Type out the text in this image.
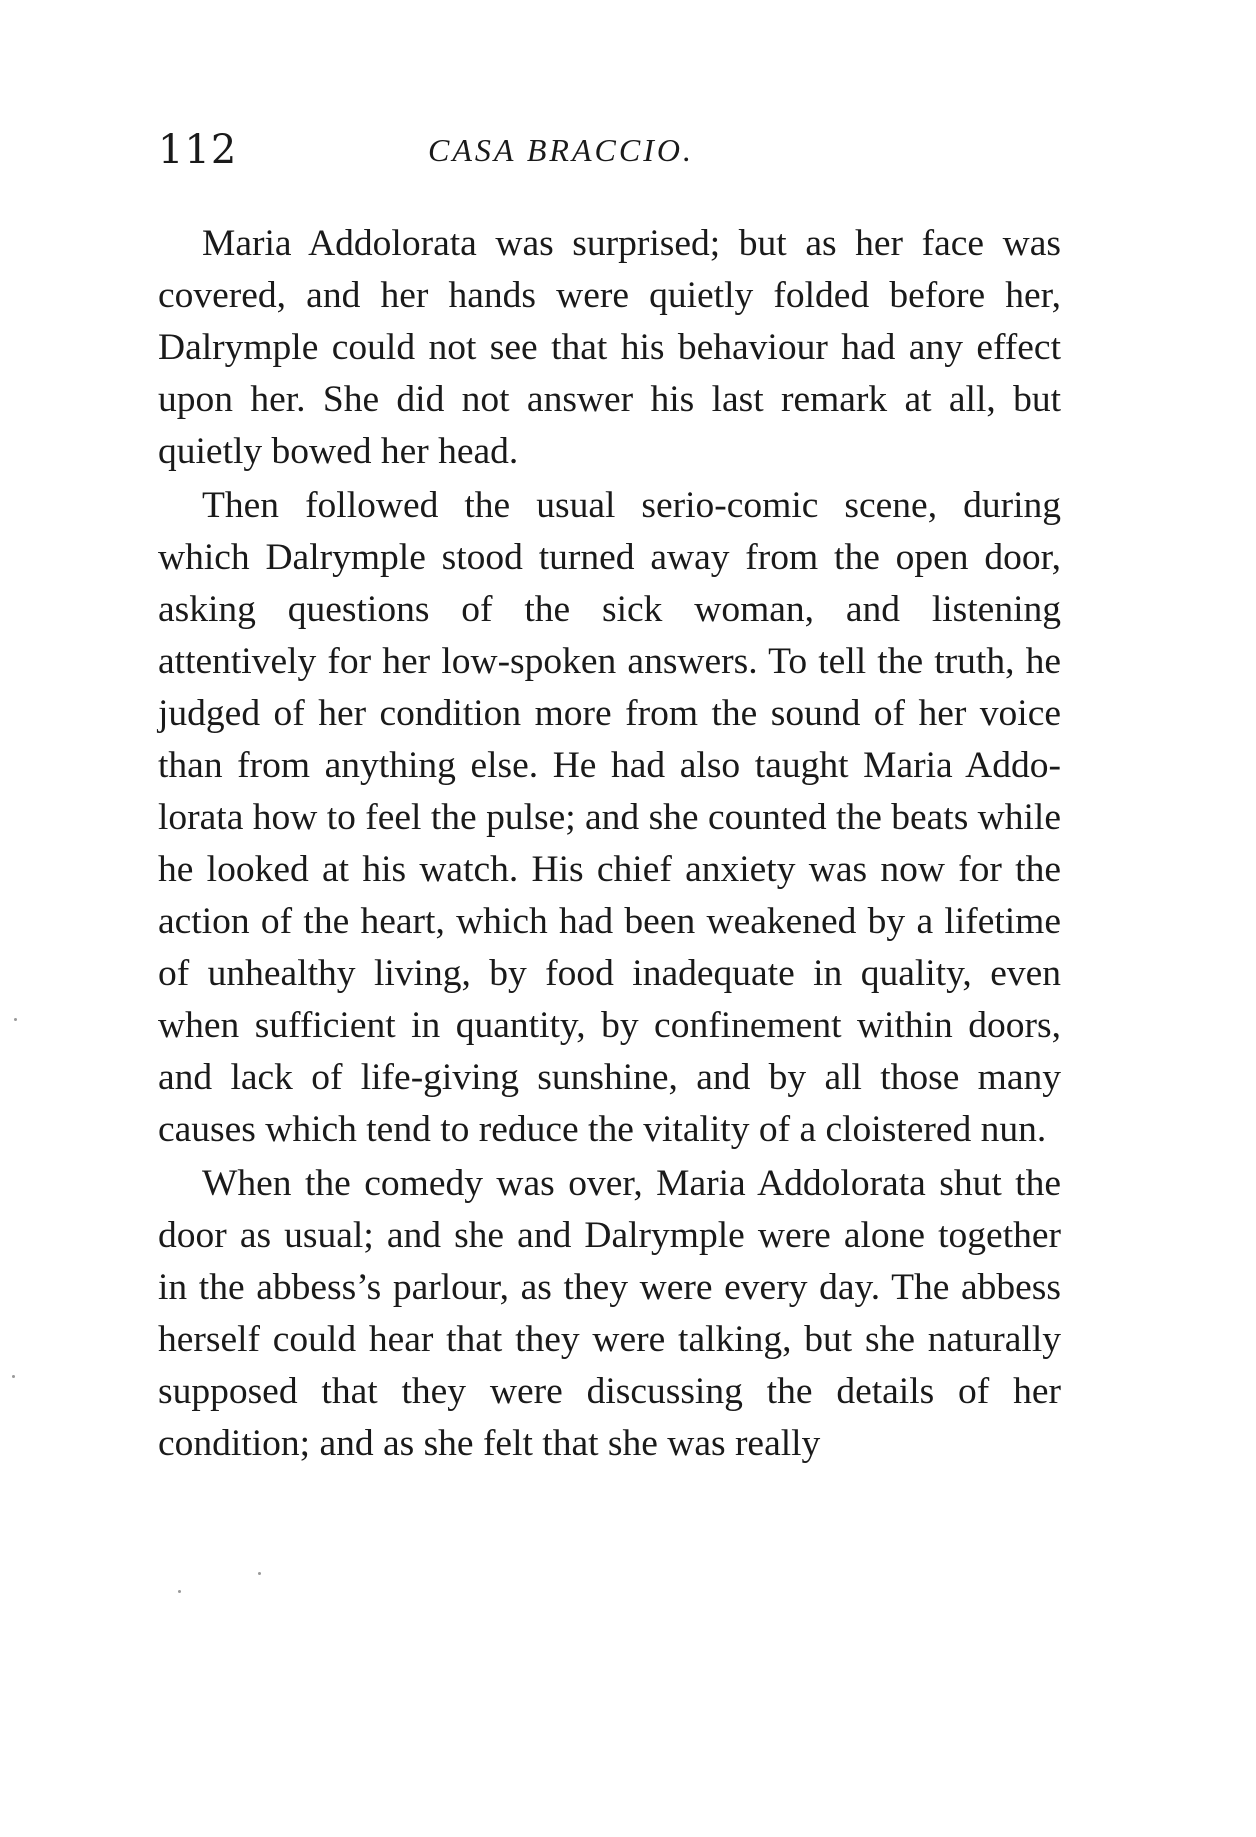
112	CASA BRACCIO.

Maria Addolorata was surprised; but as her face was covered, and her hands were quietly folded before her, Dalrymple could not see that his behaviour had any effect upon her. She did not answer his last remark at all, but quietly bowed her head.

Then followed the usual serio-comic scene, during which Dalrymple stood turned away from the open door, asking questions of the sick woman, and listening attentively for her low-spoken answers. To tell the truth, he judged of her condition more from the sound of her voice than from anything else. He had also taught Maria Addolorata how to feel the pulse; and she counted the beats while he looked at his watch. His chief anxiety was now for the action of the heart, which had been weakened by a lifetime of unhealthy living, by food inadequate in quality, even when sufficient in quantity, by confinement within doors, and lack of life-giving sunshine, and by all those many causes which tend to reduce the vitality of a cloistered nun.

When the comedy was over, Maria Addolorata shut the door as usual; and she and Dalrymple were alone together in the abbess’s parlour, as they were every day. The abbess herself could hear that they were talking, but she naturally supposed that they were discussing the details of her condition; and as she felt that she was really
